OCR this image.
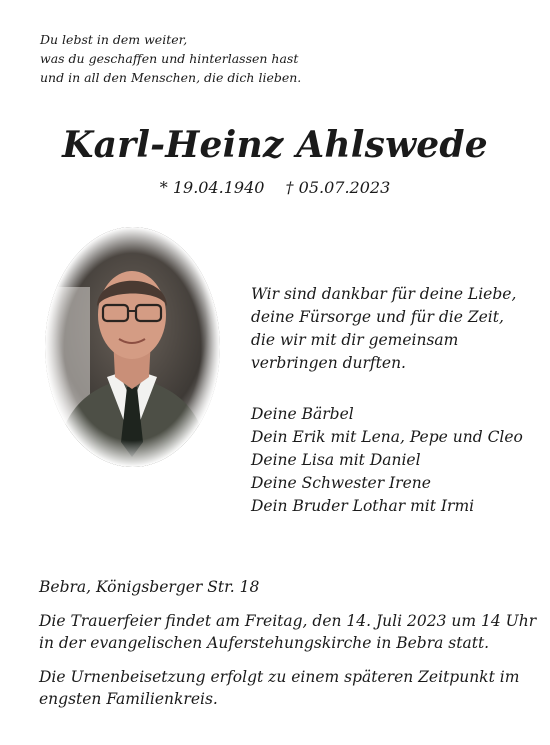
Du lebst in dem weiter,
was du geschaffen und hinterlassen hast
und in all den Menschen, die dich lieben.
Karl-Heinz Ahlswede
* 19.04.1940 † 05.07.2023
Wir sind dankbar für deine Liebe,
deine Fürsorge und für die Zeit,
die wir mit dir gemeinsam
verbringen durften.
Deine Bärbel
Dein Erik mit Lena, Pepe und Cleo
Deine Lisa mit Daniel
Deine Schwester Irene
Dein Bruder Lothar mit Irmi
Bebra, Königsberger Str. 18
Die Trauerfeier findet am Freitag, den 14. Juli 2023 um 14 Uhr
in der evangelischen Auferstehungskirche in Bebra statt.
Die Urnenbeisetzung erfolgt zu einem späteren Zeitpunkt im
engsten Familienkreis.
